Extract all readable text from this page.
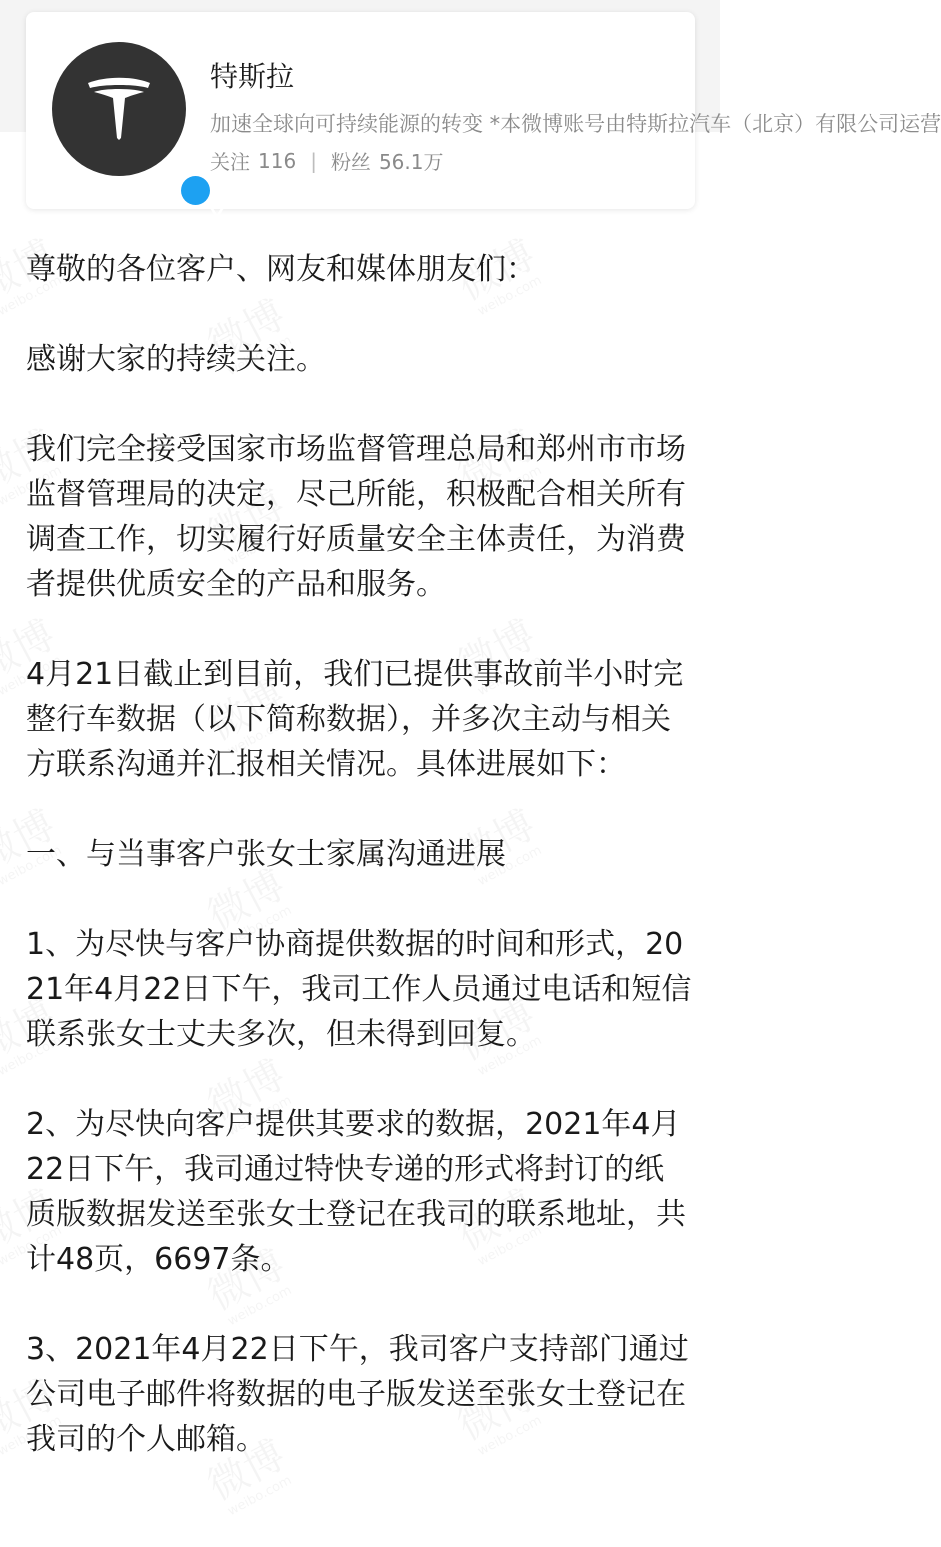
特斯拉
加速全球向可持续能源的转变 *本微博账号由特斯拉汽车（北京）有限公司运营
关注 116 | 粉丝 56.1万

尊敬的各位客户、网友和媒体朋友们：

感谢大家的持续关注。

我们完全接受国家市场监督管理总局和郑州市市场监督管理局的决定，尽己所能，积极配合相关所有调查工作，切实履行好质量安全主体责任，为消费者提供优质安全的产品和服务。

4月21日截止到目前，我们已提供事故前半小时完整行车数据（以下简称数据），并多次主动与相关方联系沟通并汇报相关情况。具体进展如下：

一、与当事客户张女士家属沟通进展

1、为尽快与客户协商提供数据的时间和形式，2021年4月22日下午，我司工作人员通过电话和短信联系张女士丈夫多次，但未得到回复。

2、为尽快向客户提供其要求的数据，2021年4月22日下午，我司通过特快专递的形式将封订的纸质版数据发送至张女士登记在我司的联系地址，共计48页，6697条。

3、2021年4月22日下午，我司客户支持部门通过公司电子邮件将数据的电子版发送至张女士登记在我司的个人邮箱。
